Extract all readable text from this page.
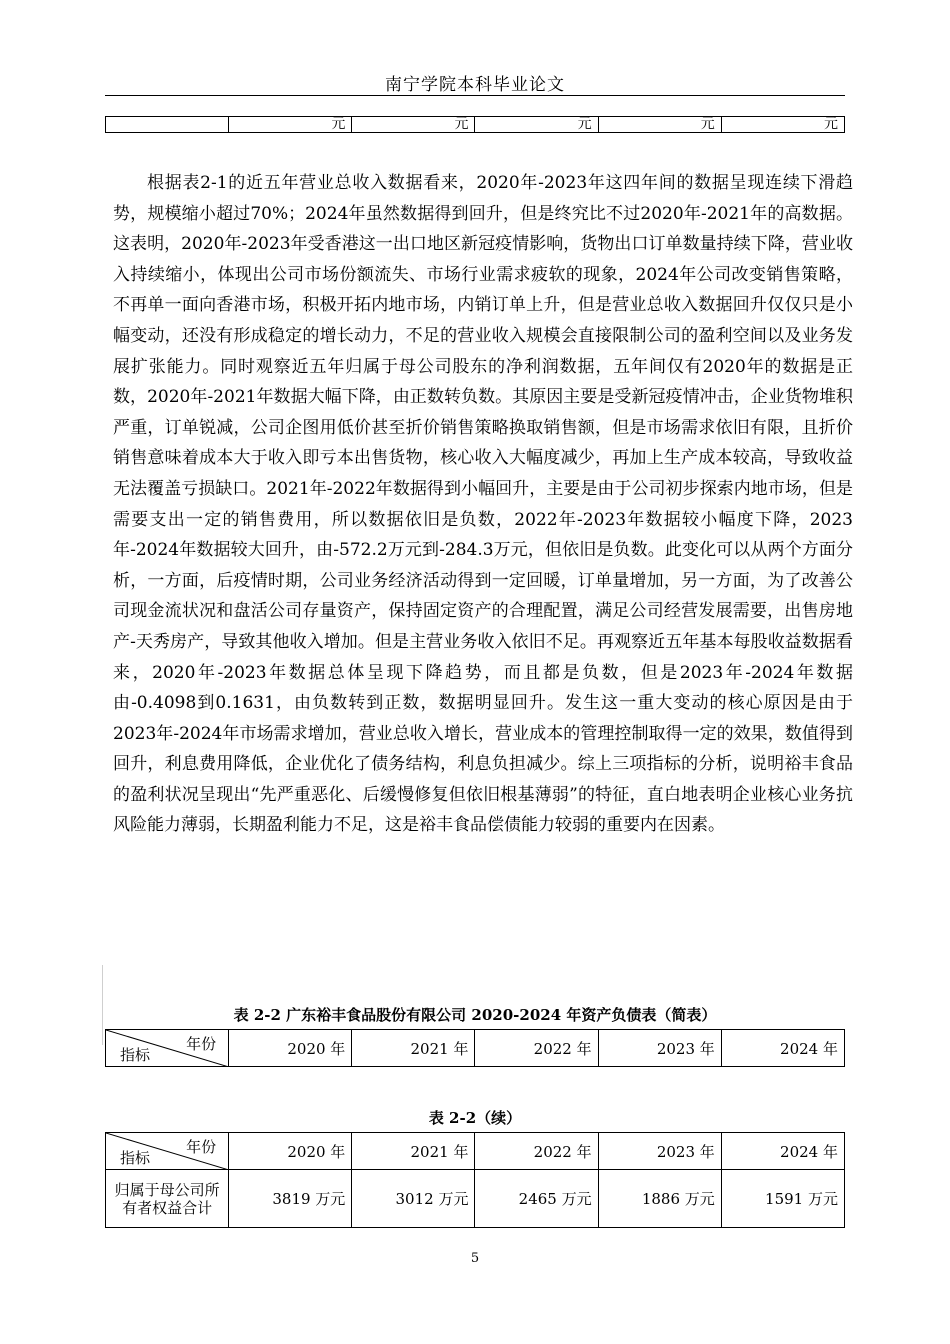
南宁学院本科毕业论文
	元	元	元	元	元

根据表2-1的近五年营业总收入数据看来，2020年-2023年这四年间的数据呈现连续下滑趋势，规模缩小超过70%；2024年虽然数据得到回升，但是终究比不过2020年-2021年的高数据。这表明，2020年-2023年受香港这一出口地区新冠疫情影响，货物出口订单数量持续下降，营业收入持续缩小，体现出公司市场份额流失、市场行业需求疲软的现象，2024年公司改变销售策略，不再单一面向香港市场，积极开拓内地市场，内销订单上升，但是营业总收入数据回升仅仅只是小幅变动，还没有形成稳定的增长动力，不足的营业收入规模会直接限制公司的盈利空间以及业务发展扩张能力。同时观察近五年归属于母公司股东的净利润数据，五年间仅有2020年的数据是正数，2020年-2021年数据大幅下降，由正数转负数。其原因主要是受新冠疫情冲击，企业货物堆积严重，订单锐减，公司企图用低价甚至折价销售策略换取销售额，但是市场需求依旧有限，且折价销售意味着成本大于收入即亏本出售货物，核心收入大幅度减少，再加上生产成本较高，导致收益无法覆盖亏损缺口。2021年-2022年数据得到小幅回升，主要是由于公司初步探索内地市场，但是需要支出一定的销售费用，所以数据依旧是负数，2022年-2023年数据较小幅度下降，2023年-2024年数据较大回升，由-572.2万元到-284.3万元，但依旧是负数。此变化可以从两个方面分析，一方面，后疫情时期，公司业务经济活动得到一定回暖，订单量增加，另一方面，为了改善公司现金流状况和盘活公司存量资产，保持固定资产的合理配置，满足公司经营发展需要，出售房地产-天秀房产，导致其他收入增加。但是主营业务收入依旧不足。再观察近五年基本每股收益数据看来，2020年-2023年数据总体呈现下降趋势，而且都是负数，但是2023年-2024年数据由-0.4098到0.1631，由负数转到正数，数据明显回升。发生这一重大变动的核心原因是由于2023年-2024年市场需求增加，营业总收入增长，营业成本的管理控制取得一定的效果，数值得到回升，利息费用降低，企业优化了债务结构，利息负担减少。综上三项指标的分析，说明裕丰食品的盈利状况呈现出“先严重恶化、后缓慢修复但依旧根基薄弱”的特征，直白地表明企业核心业务抗风险能力薄弱，长期盈利能力不足，这是裕丰食品偿债能力较弱的重要内在因素。

表 2-2 广东裕丰食品股份有限公司 2020-2024 年资产负债表（简表）
年份
指标	2020 年	2021 年	2022 年	2023 年	2024 年
表 2-2（续）
年份
指标	2020 年	2021 年	2022 年	2023 年	2024 年
归属于母公司所有者权益合计	3819 万元	3012 万元	2465 万元	1886 万元	1591 万元
5
